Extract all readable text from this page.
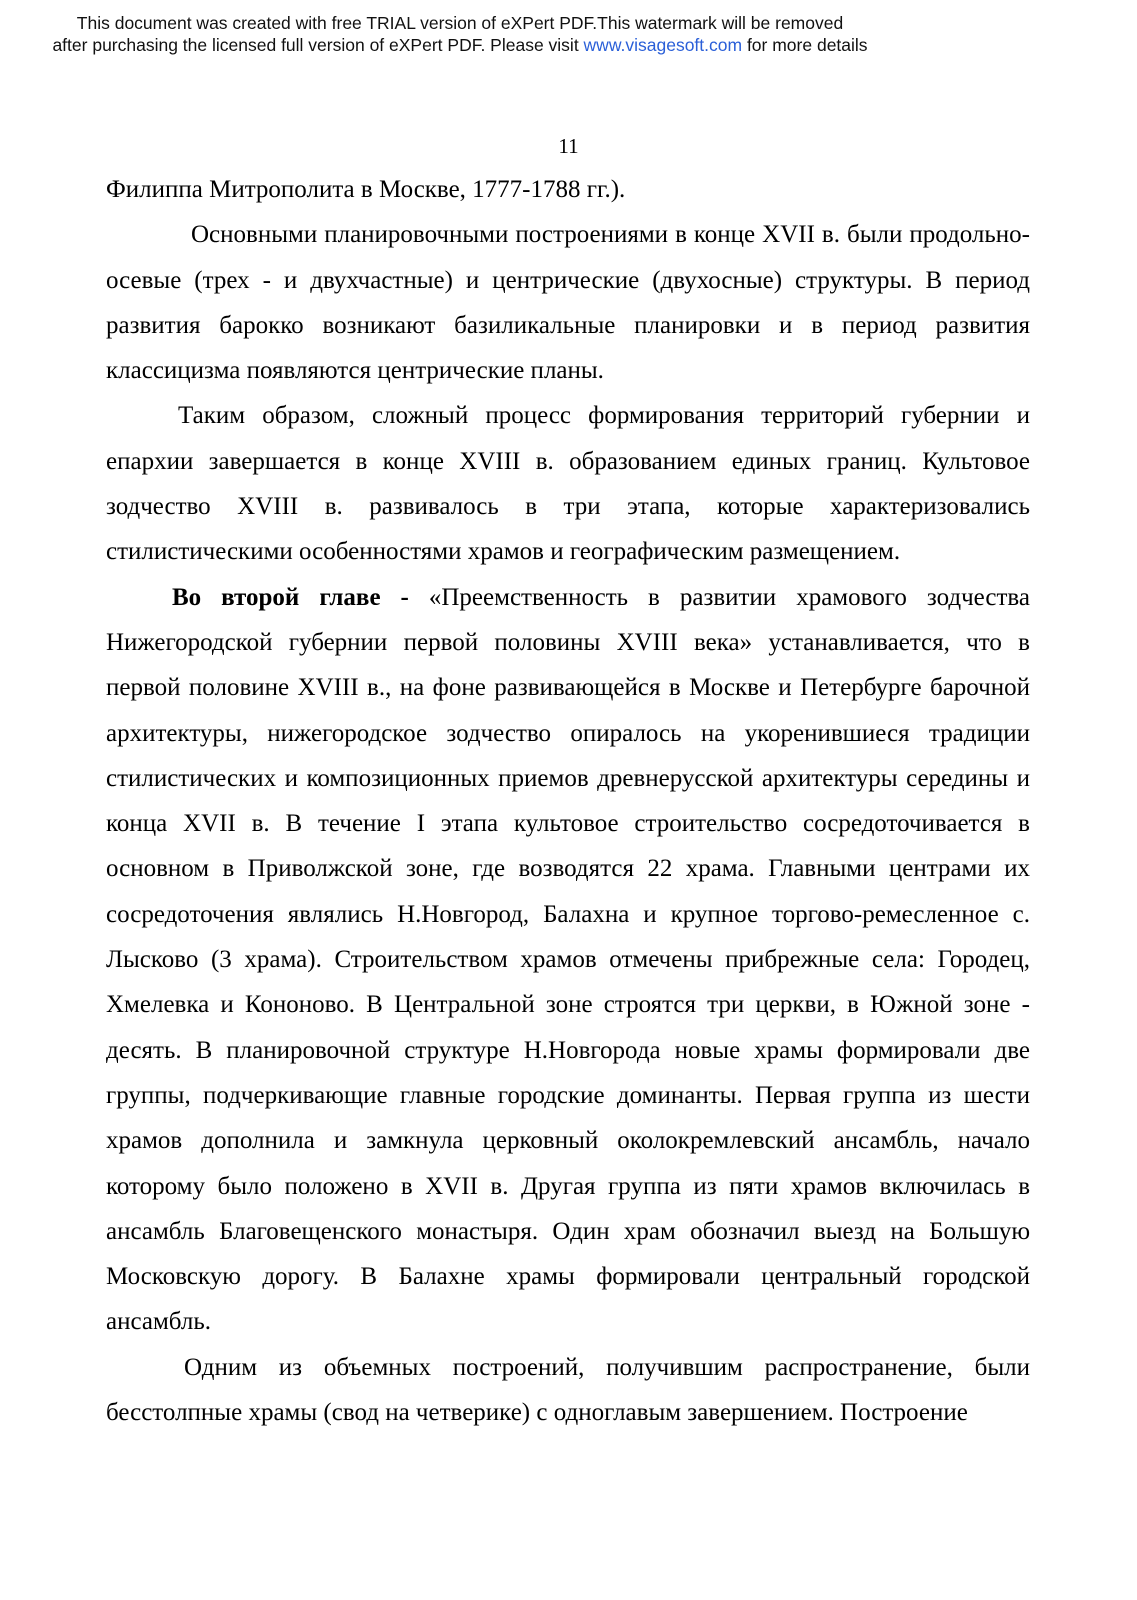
This document was created with free TRIAL version of eXPert PDF.This watermark will be removed
after purchasing the licensed full version of eXPert PDF. Please visit www.visagesoft.com for more details
11

Филиппа Митрополита в Москве, 1777-1788 гг.).

Основными планировочными построениями в конце XVII в. были продольно-осевые (трех - и двухчастные) и центрические (двухосные) структуры. В период развития барокко возникают базиликальные планировки и в период развития классицизма появляются центрические планы.

Таким образом, сложный процесс формирования территорий губернии и епархии завершается в конце XVIII в. образованием единых границ. Культовое зодчество XVIII в. развивалось в три этапа, которые характеризовались стилистическими особенностями храмов и географическим размещением.

Во второй главе - «Преемственность в развитии храмового зодчества Нижегородской губернии первой половины XVIII века» устанавливается, что в первой половине XVIII в., на фоне развивающейся в Москве и Петербурге барочной архитектуры, нижегородское зодчество опиралось на укоренившиеся традиции стилистических и композиционных приемов древнерусской архитектуры середины и конца XVII в. В течение I этапа культовое строительство сосредоточивается в основном в Приволжской зоне, где возводятся 22 храма. Главными центрами их сосредоточения являлись Н.Новгород, Балахна и крупное торгово-ремесленное с. Лысково (3 храма). Строительством храмов отмечены прибрежные села: Городец, Хмелевка и Кононово. В Центральной зоне строятся три церкви, в Южной зоне - десять. В планировочной структуре Н.Новгорода новые храмы формировали две группы, подчеркивающие главные городские доминанты. Первая группа из шести храмов дополнила и замкнула церковный околокремлевский ансамбль, начало которому было положено в XVII в. Другая группа из пяти храмов включилась в ансамбль Благовещенского монастыря. Один храм обозначил выезд на Большую Московскую дорогу. В Балахне храмы формировали центральный городской ансамбль.

Одним из объемных построений, получившим распространение, были бесстолпные храмы (свод на четверике) с одноглавым завершением. Построение
